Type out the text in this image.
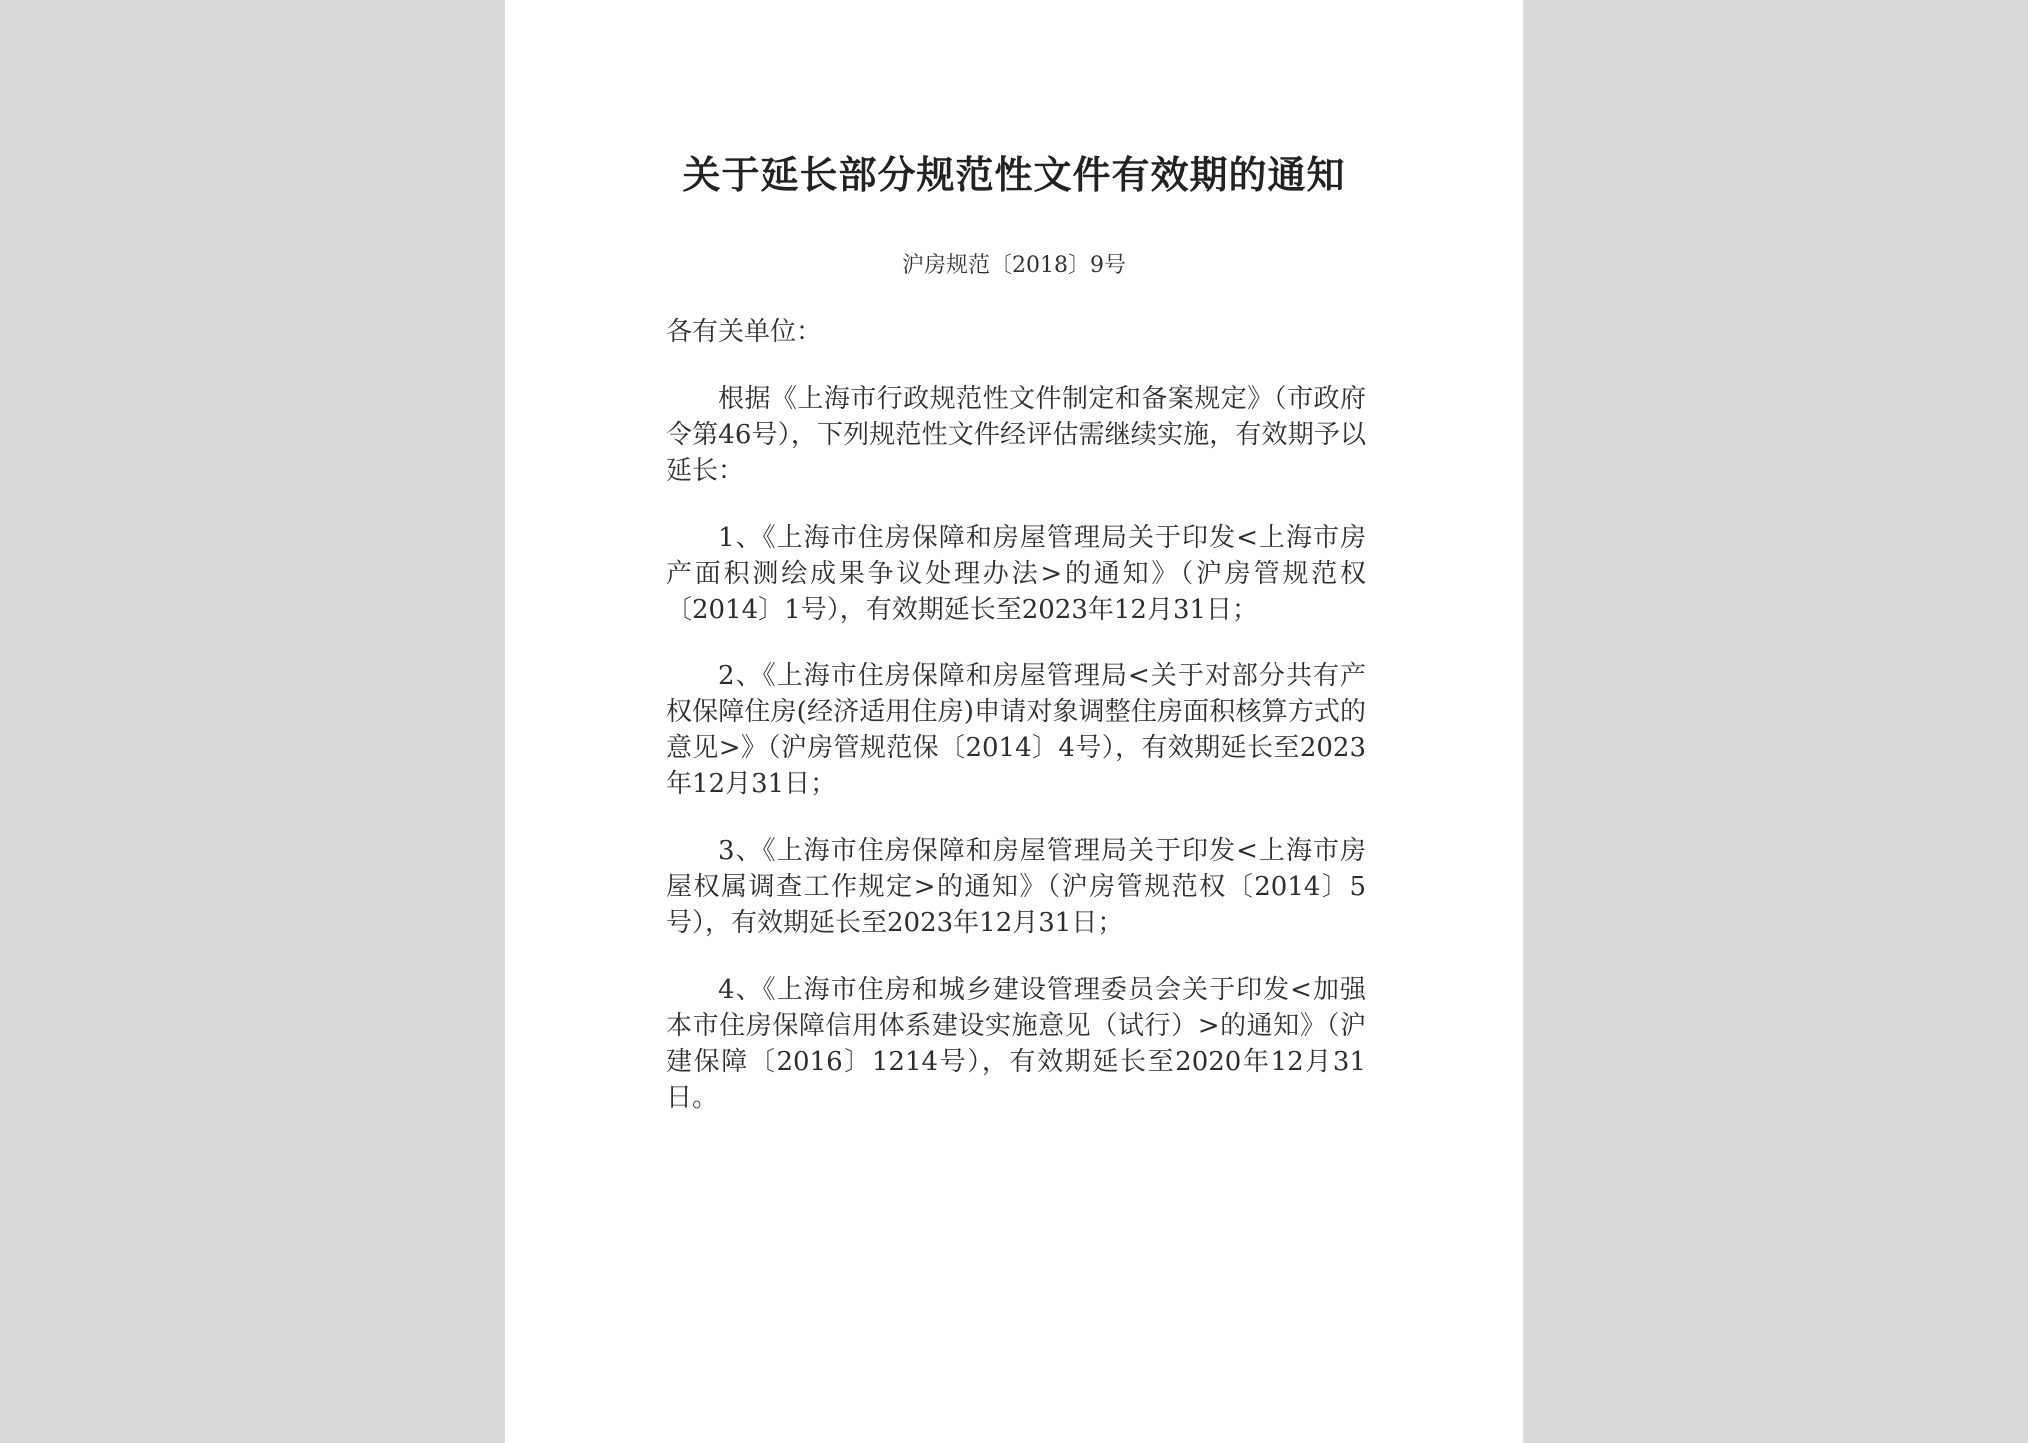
关于延长部分规范性文件有效期的通知
沪房规范〔2018〕9号
各有关单位：
根据《上海市行政规范性文件制定和备案规定》（市政府令第46号），下列规范性文件经评估需继续实施，有效期予以延长：
1、《上海市住房保障和房屋管理局关于印发<上海市房产面积测绘成果争议处理办法>的通知》（沪房管规范权〔2014〕1号），有效期延长至2023年12月31日；
2、《上海市住房保障和房屋管理局<关于对部分共有产权保障住房(经济适用住房)申请对象调整住房面积核算方式的意见>》（沪房管规范保〔2014〕4号），有效期延长至2023年12月31日；
3、《上海市住房保障和房屋管理局关于印发<上海市房屋权属调查工作规定>的通知》（沪房管规范权〔2014〕5号），有效期延长至2023年12月31日；
4、《上海市住房和城乡建设管理委员会关于印发<加强本市住房保障信用体系建设实施意见（试行）>的通知》（沪建保障〔2016〕1214号），有效期延长至2020年12月31日。
